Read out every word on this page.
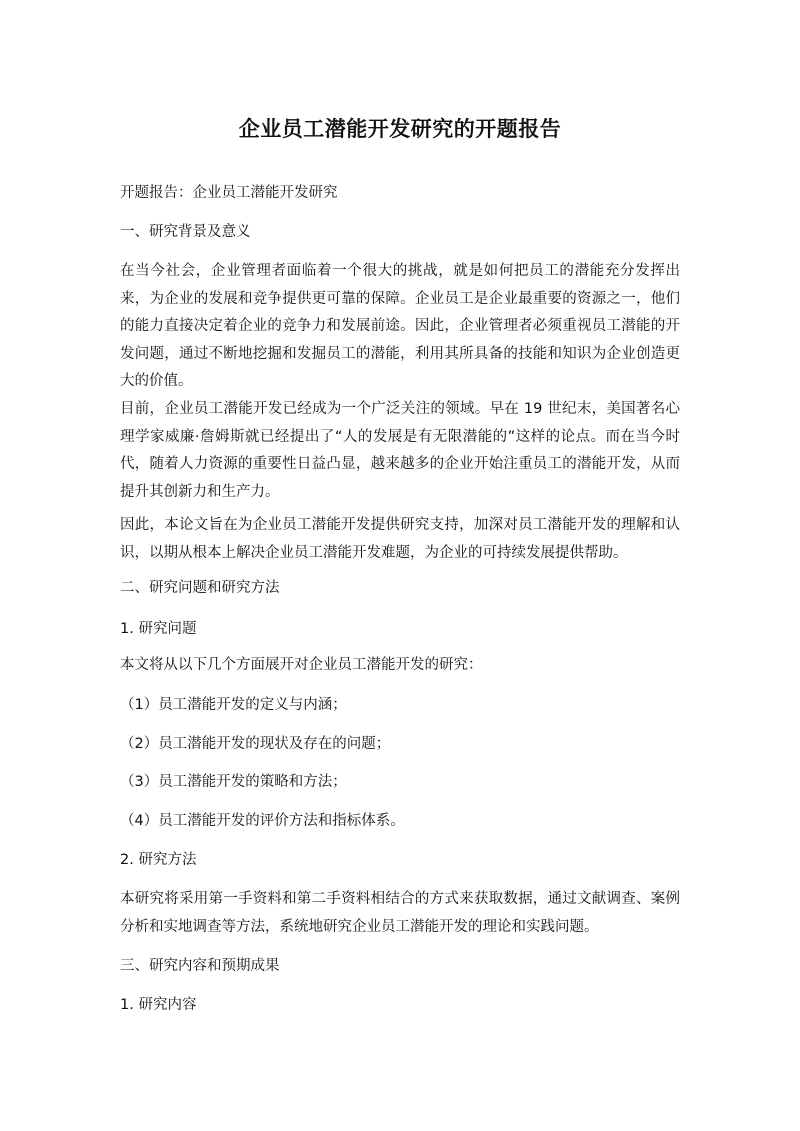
企业员工潜能开发研究的开题报告

开题报告：企业员工潜能开发研究

一、研究背景及意义

在当今社会，企业管理者面临着一个很大的挑战，就是如何把员工的潜能充分发挥出来，为企业的发展和竞争提供更可靠的保障。企业员工是企业最重要的资源之一，他们的能力直接决定着企业的竞争力和发展前途。因此，企业管理者必须重视员工潜能的开发问题，通过不断地挖掘和发掘员工的潜能，利用其所具备的技能和知识为企业创造更大的价值。

目前，企业员工潜能开发已经成为一个广泛关注的领域。早在 19 世纪末，美国著名心理学家威廉·詹姆斯就已经提出了“人的发展是有无限潜能的”这样的论点。而在当今时代，随着人力资源的重要性日益凸显，越来越多的企业开始注重员工的潜能开发，从而提升其创新力和生产力。

因此，本论文旨在为企业员工潜能开发提供研究支持，加深对员工潜能开发的理解和认识，以期从根本上解决企业员工潜能开发难题，为企业的可持续发展提供帮助。

二、研究问题和研究方法

1. 研究问题

本文将从以下几个方面展开对企业员工潜能开发的研究：

（1）员工潜能开发的定义与内涵；

（2）员工潜能开发的现状及存在的问题；

（3）员工潜能开发的策略和方法；

（4）员工潜能开发的评价方法和指标体系。

2. 研究方法

本研究将采用第一手资料和第二手资料相结合的方式来获取数据，通过文献调查、案例分析和实地调查等方法，系统地研究企业员工潜能开发的理论和实践问题。

三、研究内容和预期成果

1. 研究内容
